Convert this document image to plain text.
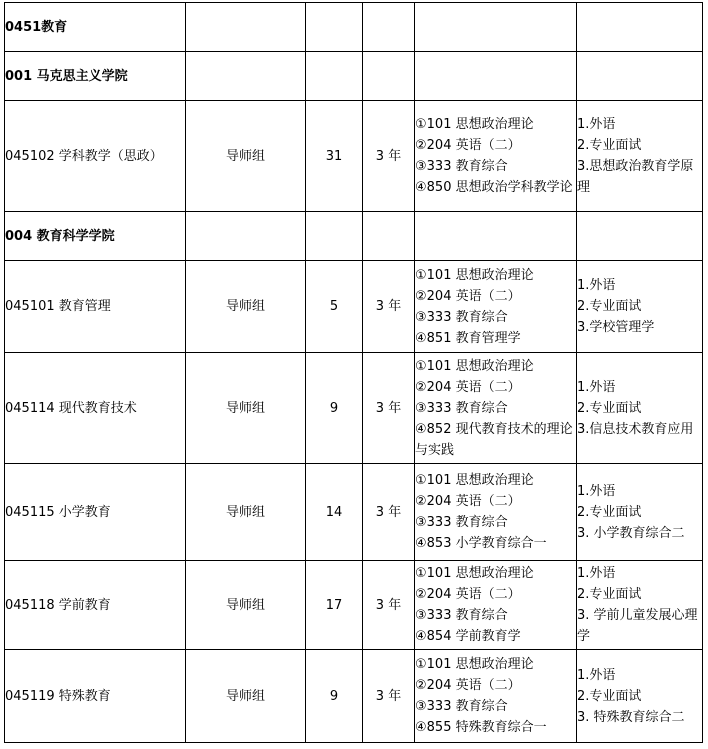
0451教育					
001 马克思主义学院					
045102 学科教学（思政）	导师组	31	3 年	①101 思想政治理论
②204 英语（二）
③333 教育综合
④850 思想政治学科教学论	1.外语
2.专业面试
3.思想政治教育学原理

004 教育科学学院					
045101 教育管理	导师组	5	3 年	①101 思想政治理论
②204 英语（二）
③333 教育综合
④851 教育管理学	1.外语
2.专业面试
3.学校管理学

045114 现代教育技术	导师组	9	3 年	①101 思想政治理论
②204 英语（二）
③333 教育综合
④852 现代教育技术的理论与实践	1.外语
2.专业面试
3.信息技术教育应用

045115 小学教育	导师组	14	3 年	①101 思想政治理论
②204 英语（二）
③333 教育综合
④853 小学教育综合一	1.外语
2.专业面试
3. 小学教育综合二

045118 学前教育	导师组	17	3 年	①101 思想政治理论
②204 英语（二）
③333 教育综合
④854 学前教育学	1.外语
2.专业面试
3. 学前儿童发展心理学

045119 特殊教育	导师组	9	3 年	①101 思想政治理论
②204 英语（二）
③333 教育综合
④855 特殊教育综合一	1.外语
2.专业面试
3. 特殊教育综合二
